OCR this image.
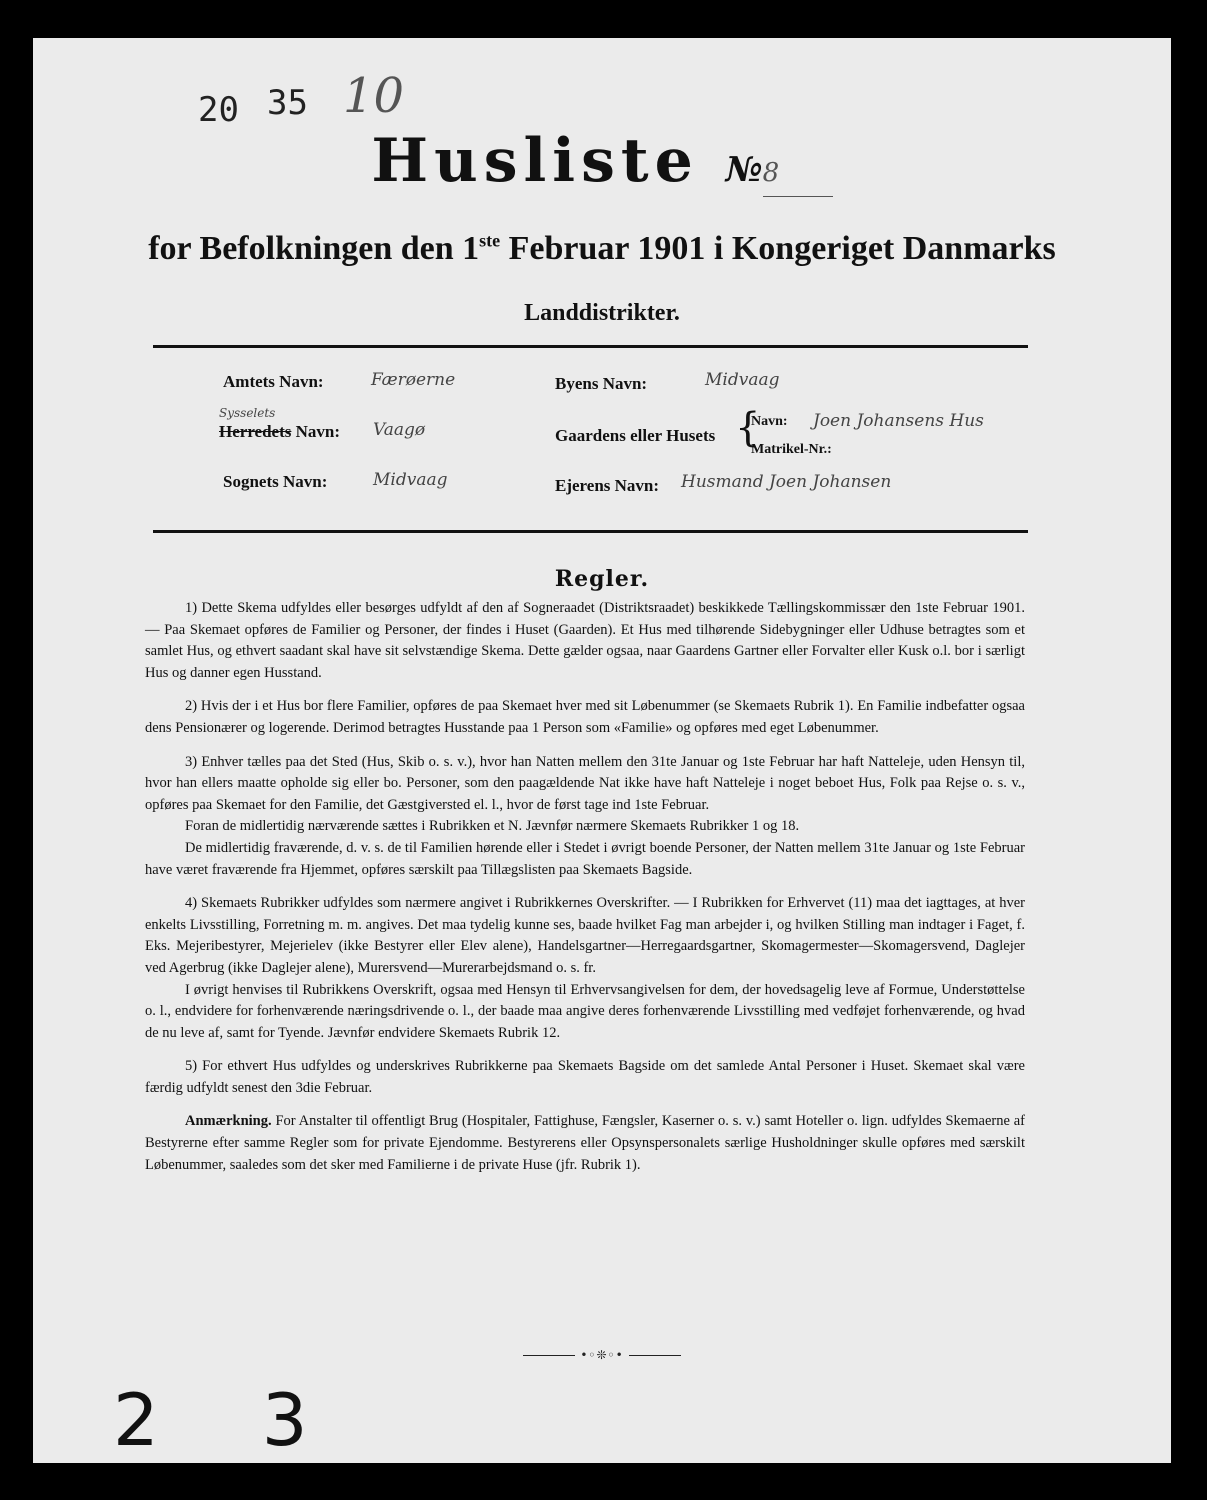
20 35 10
Husliste №8
for Befolkningen den 1ste Februar 1901 i Kongeriget Danmarks
Landdistrikter.
Amtets Navn:	Færøerne
Sysselets
Herredets Navn: Vaagø
Sognets Navn:	Midvaag
Byens Navn:	Midvaag
Gaardens eller Husets {
Navn: Joen Johansens Hus
Matrikel-Nr.:
Ejerens Navn: Husmand Joen Johansen
Regler.

1) Dette Skema udfyldes eller besørges udfyldt af den af Sogneraadet (Distriktsraadet) beskikkede Tællingskommissær den 1ste Februar 1901. — Paa Skemaet opføres de Familier og Personer, der findes i Huset (Gaarden). Et Hus med tilhørende Sidebygninger eller Udhuse betragtes som et samlet Hus, og ethvert saadant skal have sit selvstændige Skema. Dette gælder ogsaa, naar Gaardens Gartner eller Forvalter eller Kusk o.l. bor i særligt Hus og danner egen Husstand.

2) Hvis der i et Hus bor flere Familier, opføres de paa Skemaet hver med sit Løbenummer (se Skemaets Rubrik 1). En Familie indbefatter ogsaa dens Pensionærer og logerende. Derimod betragtes Husstande paa 1 Person som «Familie» og opføres med eget Løbenummer.

3) Enhver tælles paa det Sted (Hus, Skib o. s. v.), hvor han Natten mellem den 31te Januar og 1ste Februar har haft Natteleje, uden Hensyn til, hvor han ellers maatte opholde sig eller bo. Personer, som den paagældende Nat ikke have haft Natteleje i noget beboet Hus, Folk paa Rejse o. s. v., opføres paa Skemaet for den Familie, det Gæstgiversted el. l., hvor de først tage ind 1ste Februar.

Foran de midlertidig nærværende sættes i Rubrikken et N. Jævnfør nærmere Skemaets Rubrikker 1 og 18.

De midlertidig fraværende, d. v. s. de til Familien hørende eller i Stedet i øvrigt boende Personer, der Natten mellem 31te Januar og 1ste Februar have været fraværende fra Hjemmet, opføres særskilt paa Tillægslisten paa Skemaets Bagside.

4) Skemaets Rubrikker udfyldes som nærmere angivet i Rubrikkernes Overskrifter. — I Rubrikken for Erhvervet (11) maa det iagttages, at hver enkelts Livsstilling, Forretning m. m. angives. Det maa tydelig kunne ses, baade hvilket Fag man arbejder i, og hvilken Stilling man indtager i Faget, f. Eks. Mejeribestyrer, Mejerielev (ikke Bestyrer eller Elev alene), Handelsgartner—Herregaardsgartner, Skomagermester—Skomagersvend, Daglejer ved Agerbrug (ikke Daglejer alene), Murersvend—Murerarbejdsmand o. s. fr.

I øvrigt henvises til Rubrikkens Overskrift, ogsaa med Hensyn til Erhvervsangivelsen for dem, der hovedsagelig leve af Formue, Understøttelse o. l., endvidere for forhenværende næringsdrivende o. l., der baade maa angive deres forhenværende Livsstilling med vedføjet forhenværende, og hvad de nu leve af, samt for Tyende. Jævnfør endvidere Skemaets Rubrik 12.

5) For ethvert Hus udfyldes og underskrives Rubrikkerne paa Skemaets Bagside om det samlede Antal Personer i Huset. Skemaet skal være færdig udfyldt senest den 3die Februar.

Anmærkning. For Anstalter til offentligt Brug (Hospitaler, Fattighuse, Fængsler, Kaserner o. s. v.) samt Hoteller o. lign. udfyldes Skemaerne af Bestyrerne efter samme Regler som for private Ejendomme. Bestyrerens eller Opsynspersonalets særlige Husholdninger skulle opføres med særskilt Løbenummer, saaledes som det sker med Familierne i de private Huse (jfr. Rubrik 1).

•◦❊◦•
2 3
